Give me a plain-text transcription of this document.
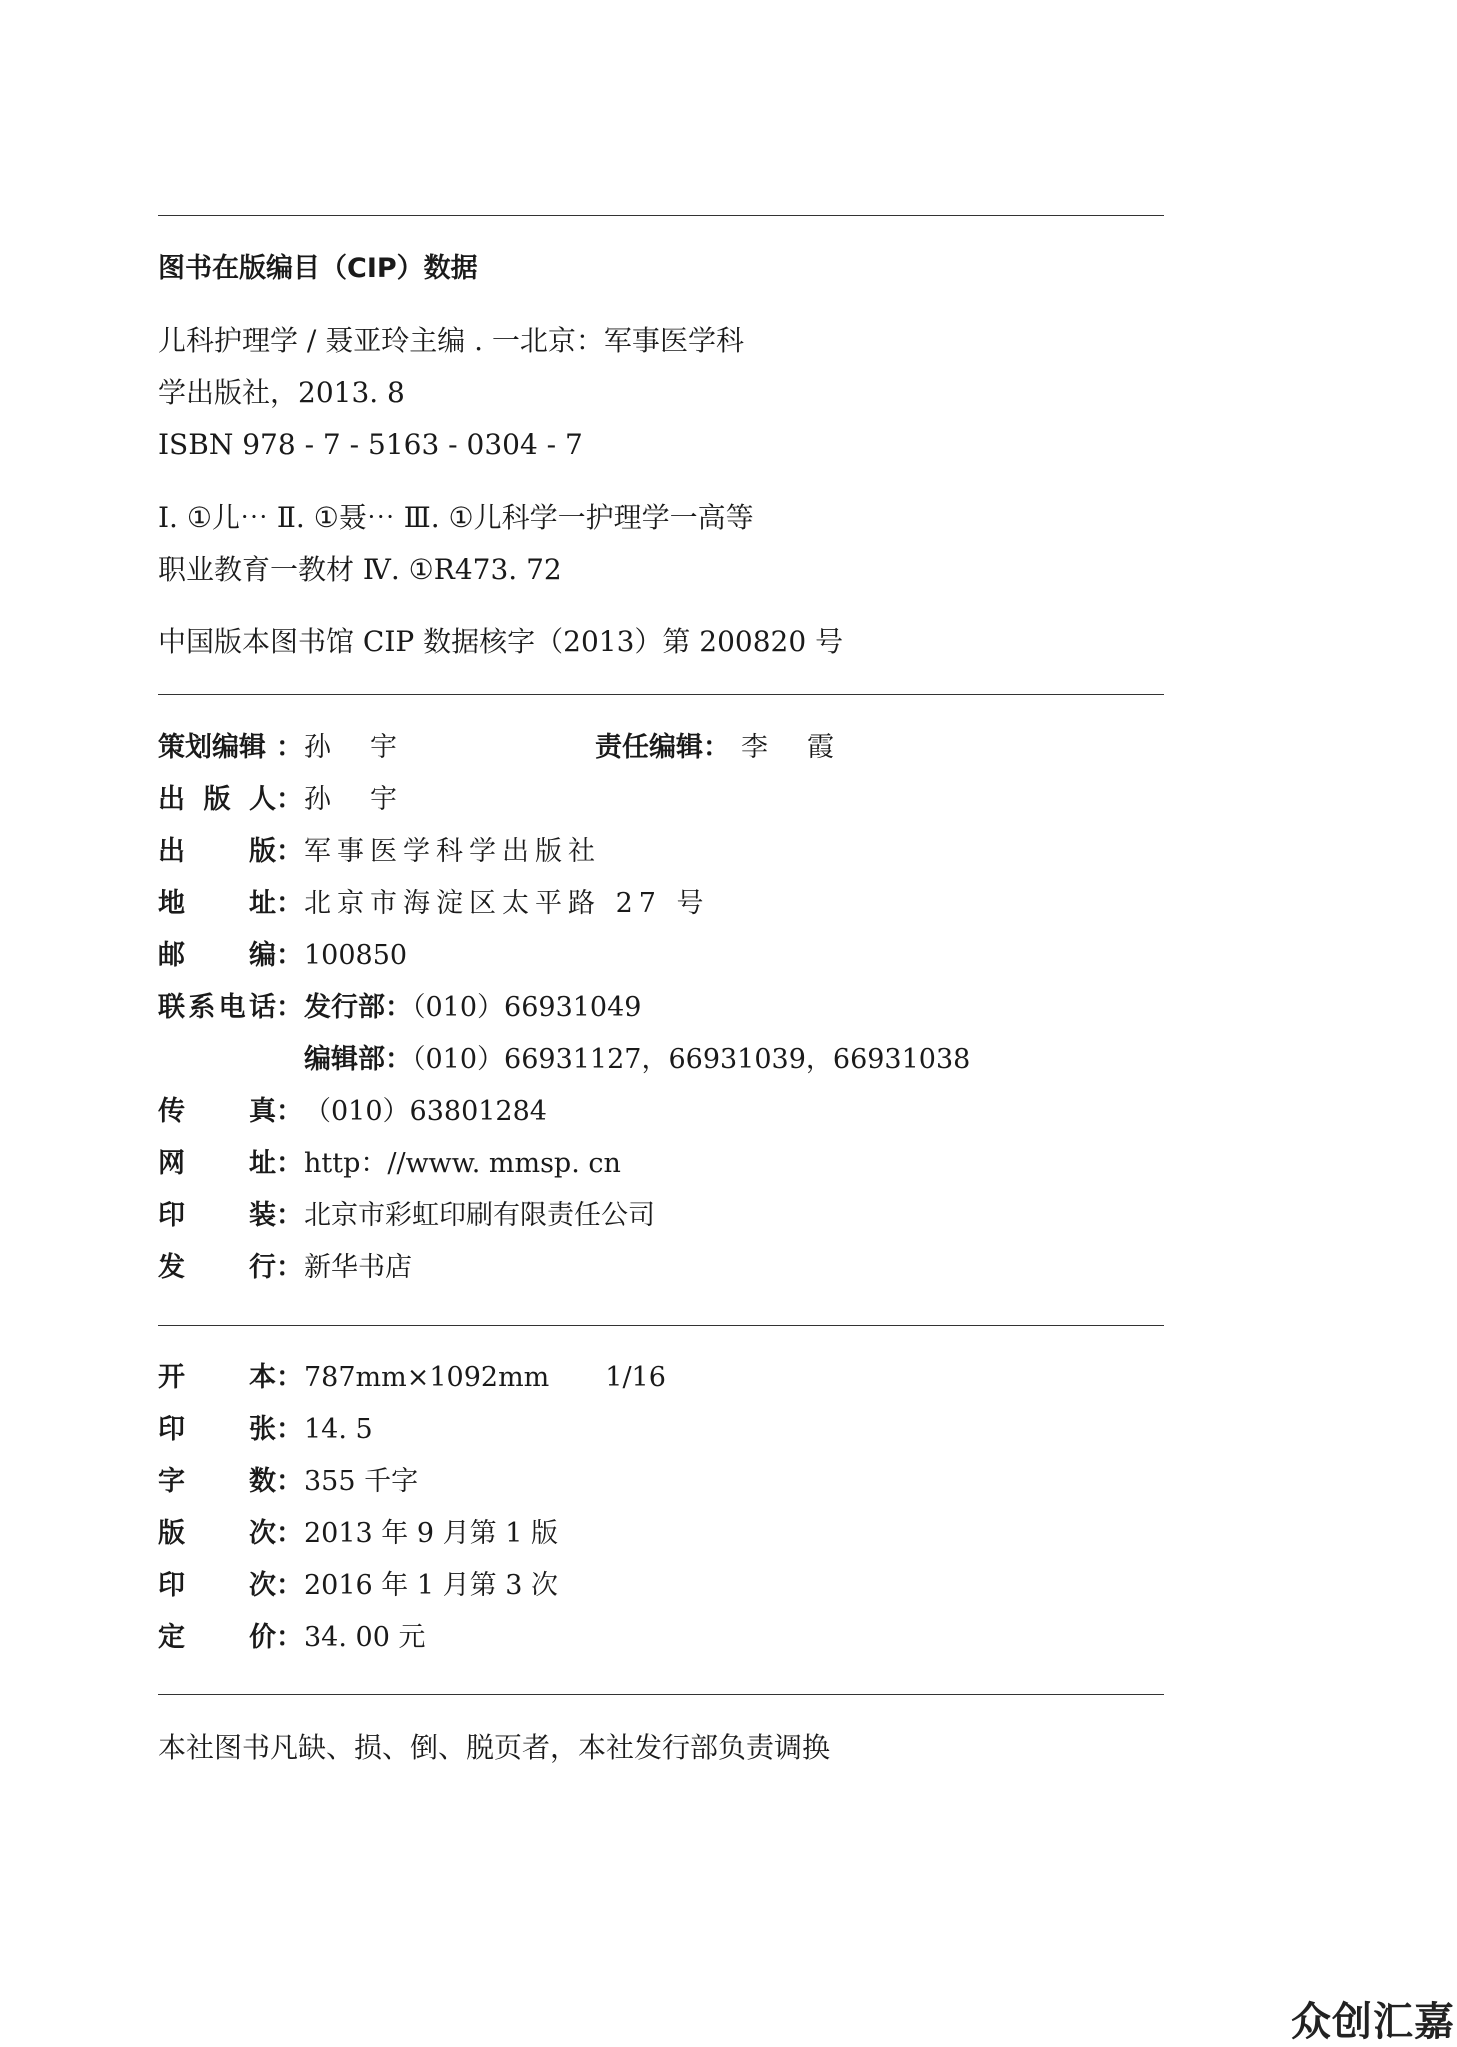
图书在版编目（CIP）数据
儿科护理学 / 聂亚玲主编 . 一北京：军事医学科
学出版社，2013. 8
ISBN 978 - 7 - 5163 - 0304 - 7
Ⅰ. ①儿⋯ Ⅱ. ①聂⋯ Ⅲ. ①儿科学一护理学一高等
职业教育一教材 Ⅳ. ①R473. 72
中国版本图书馆 CIP 数据核字（2013）第 200820 号
策划编辑 ： 孙　宇	责任编辑： 李　霞
出版人 ： 孙　宇
出版 ： 军事医学科学出版社
地址 ： 北京市海淀区太平路 27 号
邮编 ： 100850
联系电话 ： 发行部：（010）66931049
编辑部：（010）66931127，66931039，66931038
传真 ： （010）63801284
网址 ： http：//www. mmsp. cn
印装 ： 北京市彩虹印刷有限责任公司
发行 ： 新华书店
开本 ： 787mm×1092mm 1/16
印张 ： 14. 5
字数 ： 355 千字
版次 ： 2013 年 9 月第 1 版
印次 ： 2016 年 1 月第 3 次
定价 ： 34. 00 元
本社图书凡缺、损、倒、脱页者，本社发行部负责调换
众创汇嘉
